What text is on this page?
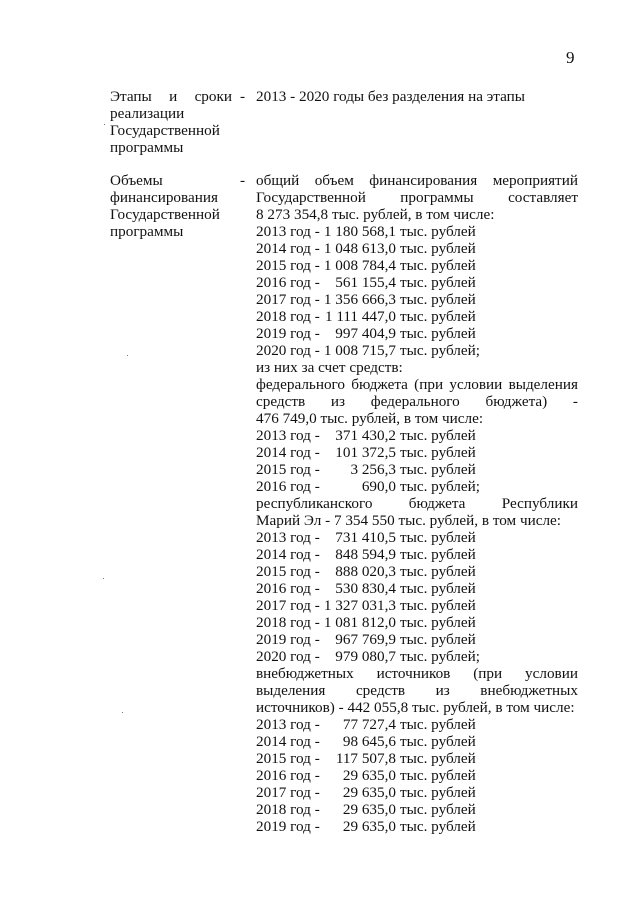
9
Этапы и сроки
реализации
Государственной
программы
- 2013 - 2020 годы без разделения на этапы
Объемы
финансирования
Государственной
программы
- общий объем финансирования мероприятий
Государственной программы составляет
8 273 354,8 тыс. рублей, в том числе:
2013 год - 1 180 568,1 тыс. рублей
2014 год - 1 048 613,0 тыс. рублей
2015 год - 1 008 784,4 тыс. рублей
2016 год - 561 155,4 тыс. рублей
2017 год - 1 356 666,3 тыс. рублей
2018 год - 1 111 447,0 тыс. рублей
2019 год - 997 404,9 тыс. рублей
2020 год - 1 008 715,7 тыс. рублей;
из них за счет средств:
федерального бюджета (при условии выделения
средств из федерального бюджета) -
476 749,0 тыс. рублей, в том числе:
2013 год - 371 430,2 тыс. рублей
2014 год - 101 372,5 тыс. рублей
2015 год - 3 256,3 тыс. рублей
2016 год -	690,0 тыс. рублей;
республиканского бюджета Республики
Марий Эл - 7 354 550 тыс. рублей, в том числе:
2013 год - 731 410,5 тыс. рублей
2014 год - 848 594,9 тыс. рублей
2015 год - 888 020,3 тыс. рублей
2016 год - 530 830,4 тыс. рублей
2017 год - 1 327 031,3 тыс. рублей
2018 год - 1 081 812,0 тыс. рублей
2019 год - 967 769,9 тыс. рублей
2020 год - 979 080,7 тыс. рублей;
внебюджетных источников (при условии
выделения средств из внебюджетных
источников) - 442 055,8 тыс. рублей, в том числе:
2013 год - 77 727,4 тыс. рублей
2014 год - 98 645,6 тыс. рублей
2015 год - 117 507,8 тыс. рублей
2016 год - 29 635,0 тыс. рублей
2017 год - 29 635,0 тыс. рублей
2018 год - 29 635,0 тыс. рублей
2019 год - 29 635,0 тыс. рублей
